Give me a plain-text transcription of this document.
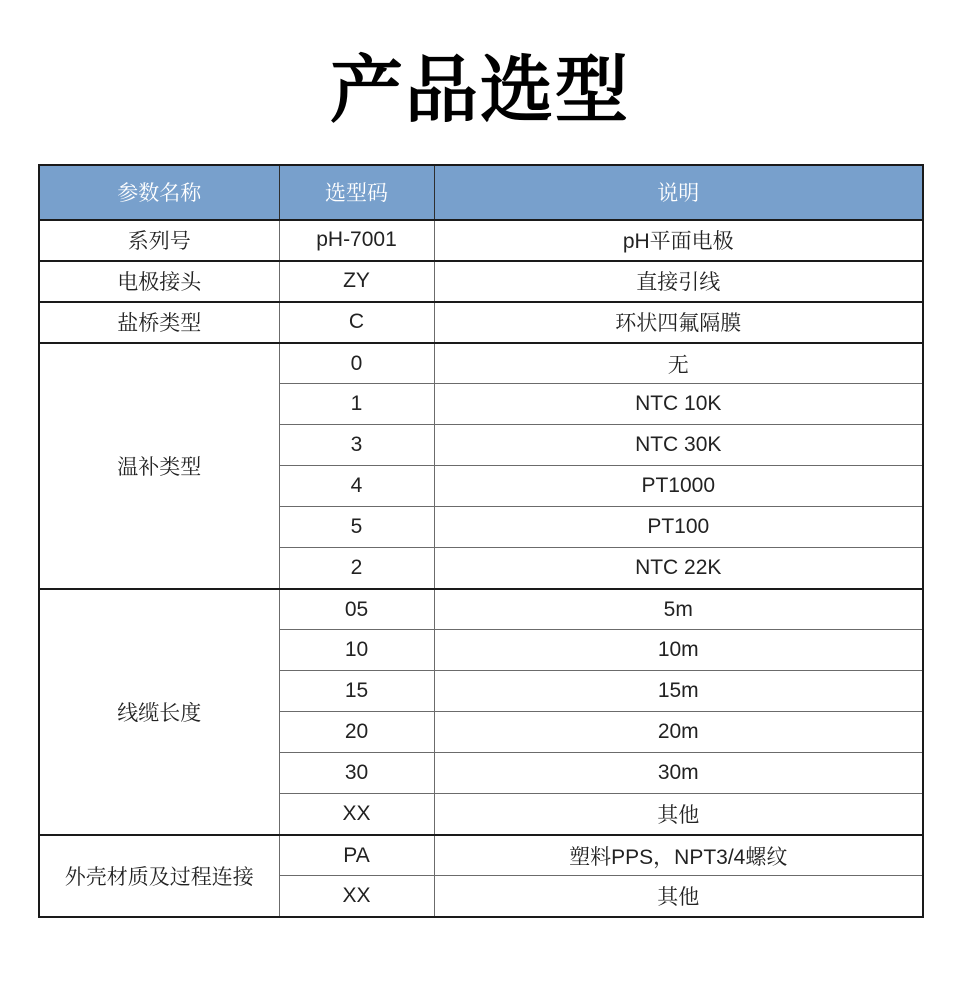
产品选型
参数名称	选型码	说明
系列号	pH-7001	pH平面电极
电极接头	ZY	直接引线
盐桥类型	C	环状四氟隔膜
温补类型	0	无
	1	NTC 10K
	3	NTC 30K
	4	PT1000
	5	PT100
	2	NTC 22K
线缆长度	05	5m
	10	10m
	15	15m
	20	20m
	30	30m
	XX	其他
外壳材质及过程连接	PA	塑料PPS，NPT3/4螺纹
	XX	其他
